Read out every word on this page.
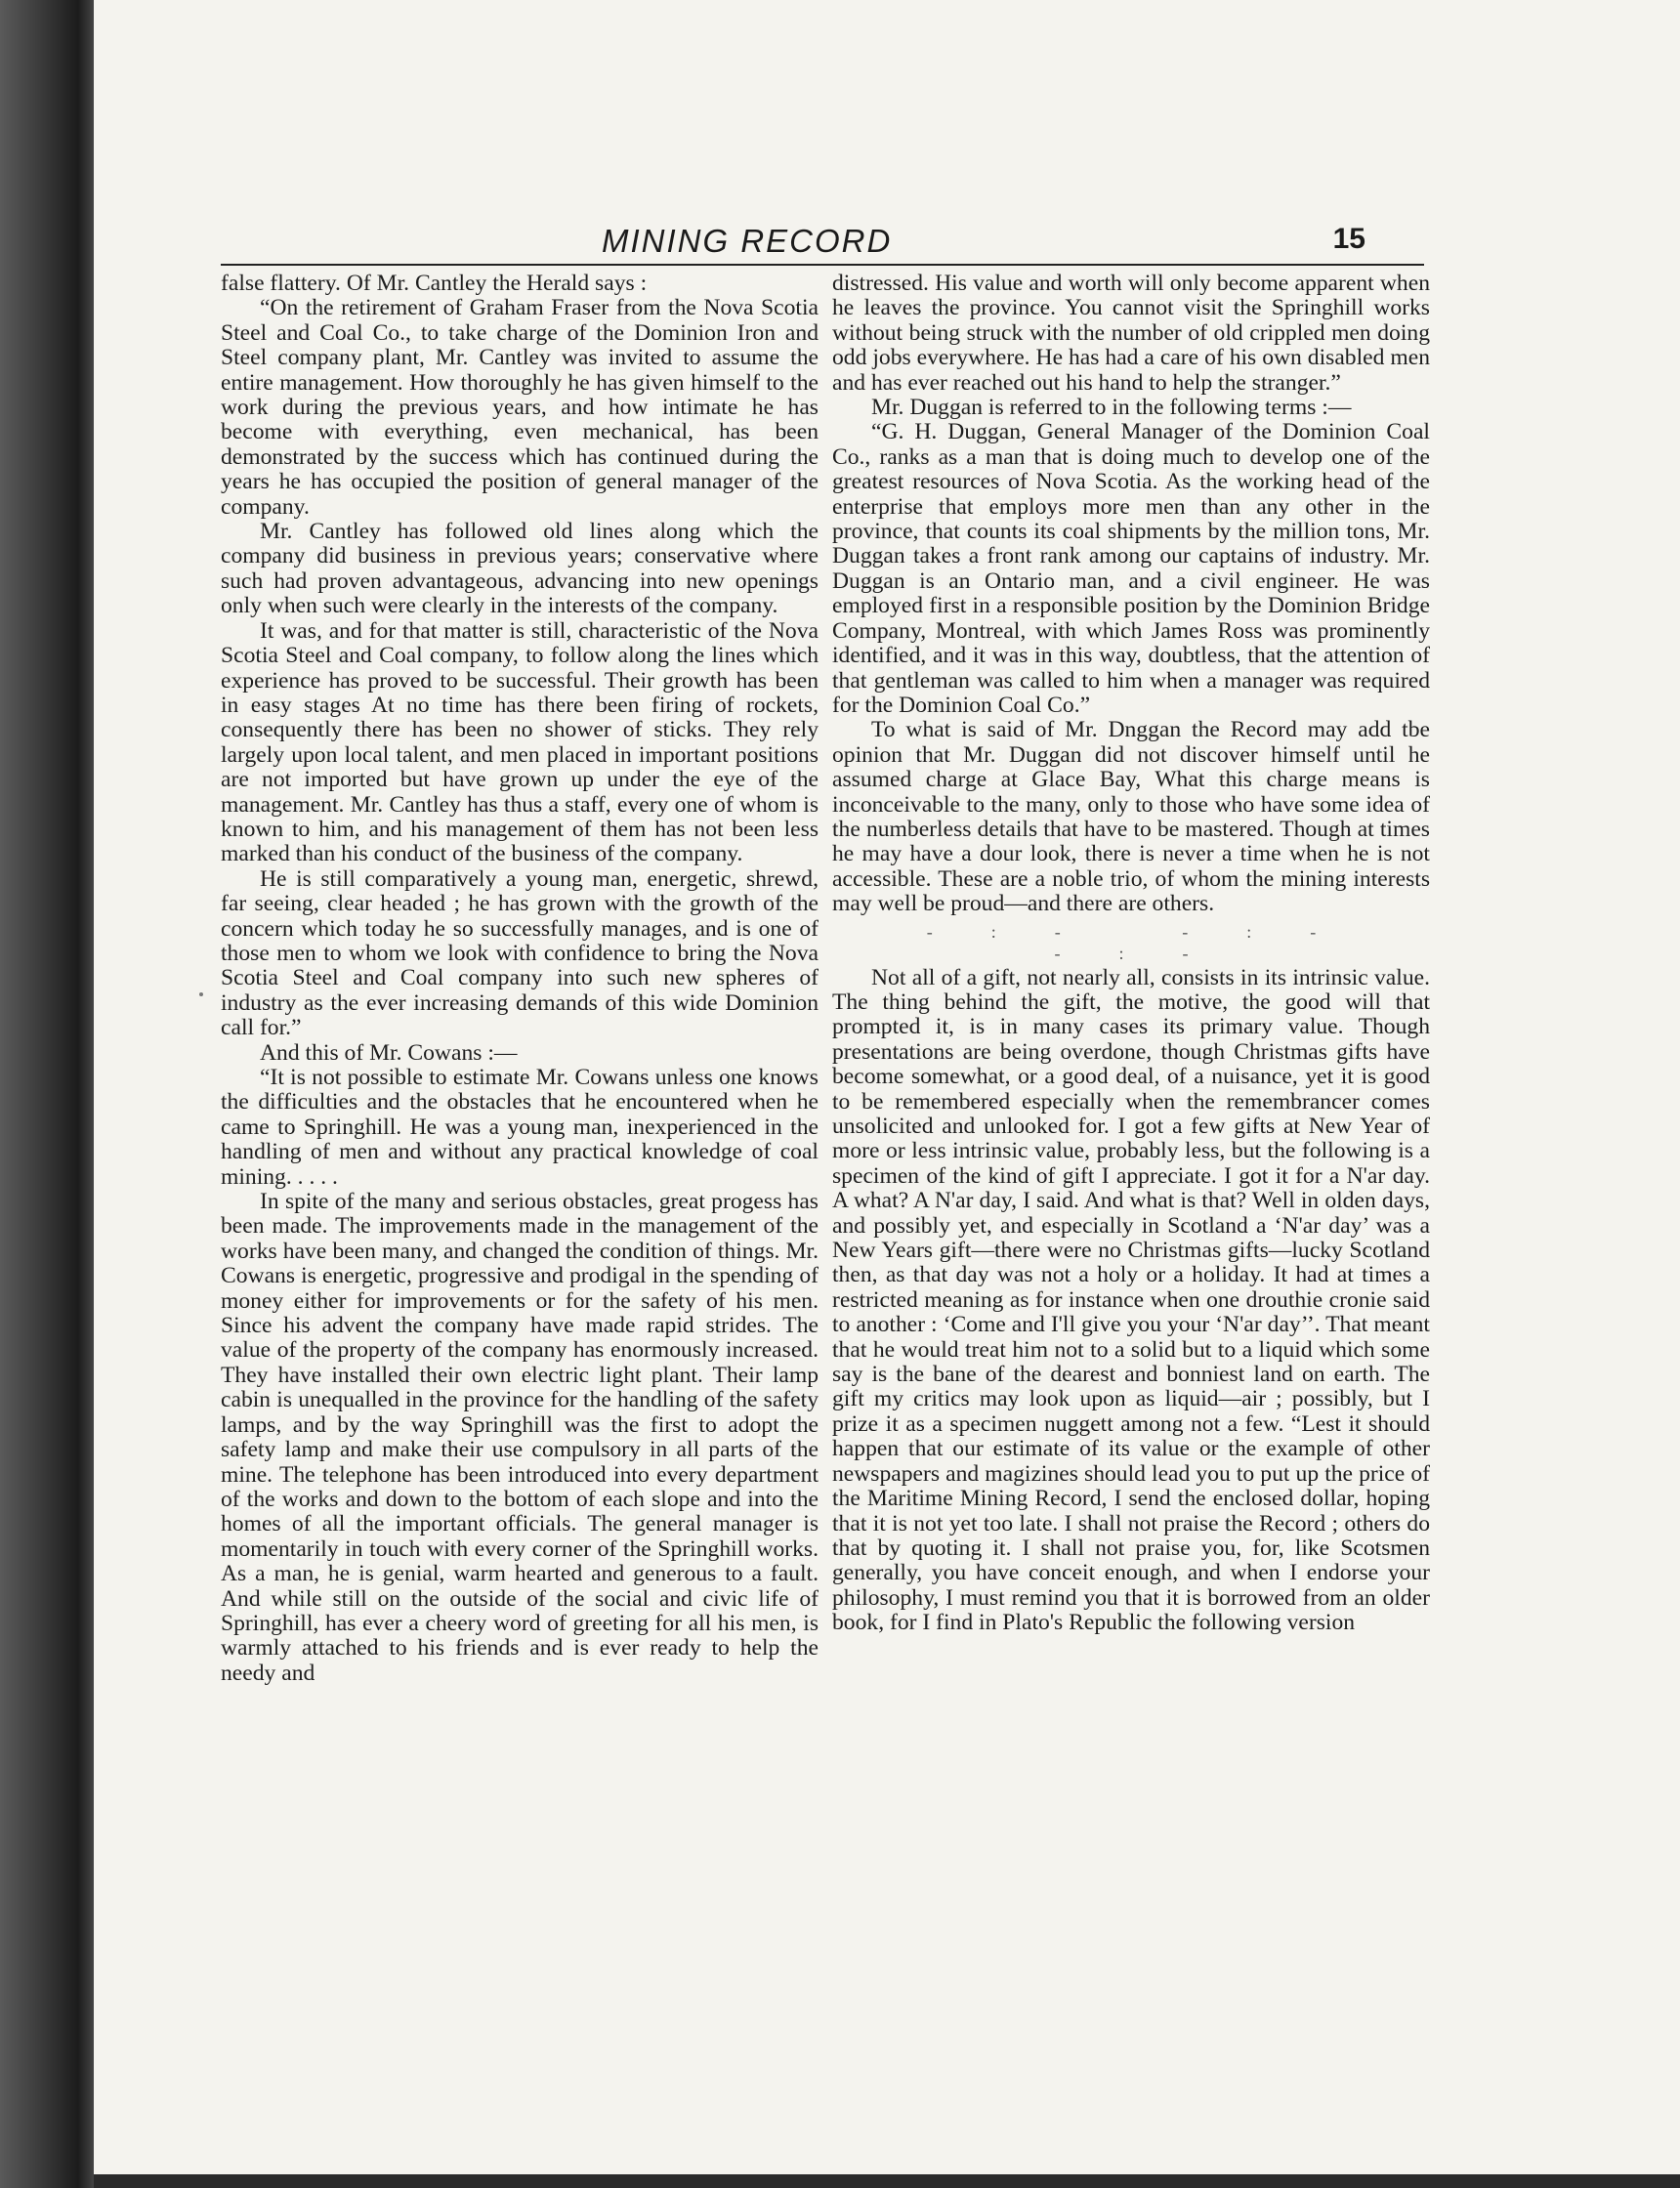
MINING RECORD	15

false flattery. Of Mr. Cantley the Herald says :

“On the retirement of Graham Fraser from the Nova Scotia Steel and Coal Co., to take charge of the Dominion Iron and Steel company plant, Mr. Cantley was invited to assume the entire management. How thoroughly he has given himself to the work during the previous years, and how intimate he has become with everything, even mechanical, has been demonstrated by the success which has continued during the years he has occupied the position of general manager of the company.

Mr. Cantley has followed old lines along which the company did business in previous years; conservative where such had proven advantageous, advancing into new openings only when such were clearly in the interests of the company.

It was, and for that matter is still, characteristic of the Nova Scotia Steel and Coal company, to follow along the lines which experience has proved to be successful. Their growth has been in easy stages At no time has there been firing of rockets, consequently there has been no shower of sticks. They rely largely upon local talent, and men placed in important positions are not imported but have grown up under the eye of the management. Mr. Cantley has thus a staff, every one of whom is known to him, and his management of them has not been less marked than his conduct of the business of the company.

He is still comparatively a young man, energetic, shrewd, far seeing, clear headed ; he has grown with the growth of the concern which today he so successfully manages, and is one of those men to whom we look with confidence to bring the Nova Scotia Steel and Coal company into such new spheres of industry as the ever increasing demands of this wide Dominion call for.”

And this of Mr. Cowans :—

“It is not possible to estimate Mr. Cowans unless one knows the difficulties and the obstacles that he encountered when he came to Springhill. He was a young man, inexperienced in the handling of men and without any practical knowledge of coal mining. . . . .

In spite of the many and serious obstacles, great progess has been made. The improvements made in the management of the works have been many, and changed the condition of things. Mr. Cowans is energetic, progressive and prodigal in the spending of money either for improvements or for the safety of his men. Since his advent the company have made rapid strides. The value of the property of the company has enormously increased. They have installed their own electric light plant. Their lamp cabin is unequalled in the province for the handling of the safety lamps, and by the way Springhill was the first to adopt the safety lamp and make their use compulsory in all parts of the mine. The telephone has been introduced into every department of the works and down to the bottom of each slope and into the homes of all the important officials. The general manager is momentarily in touch with every corner of the Springhill works. As a man, he is genial, warm hearted and generous to a fault. And while still on the outside of the social and civic life of Springhill, has ever a cheery word of greeting for all his men, is warmly attached to his friends and is ever ready to help the needy and

distressed. His value and worth will only become apparent when he leaves the province. You cannot visit the Springhill works without being struck with the number of old crippled men doing odd jobs everywhere. He has had a care of his own disabled men and has ever reached out his hand to help the stranger.”

Mr. Duggan is referred to in the following terms :—

“G. H. Duggan, General Manager of the Dominion Coal Co., ranks as a man that is doing much to develop one of the greatest resources of Nova Scotia. As the working head of the enterprise that employs more men than any other in the province, that counts its coal shipments by the million tons, Mr. Duggan takes a front rank among our captains of industry. Mr. Duggan is an Ontario man, and a civil engineer. He was employed first in a responsible position by the Dominion Bridge Company, Montreal, with which James Ross was prominently identified, and it was in this way, doubtless, that the attention of that gentleman was called to him when a manager was required for the Dominion Coal Co.”

To what is said of Mr. Dnggan the Record may add tbe opinion that Mr. Duggan did not discover himself until he assumed charge at Glace Bay, What this charge means is inconceivable to the many, only to those who have some idea of the numberless details that have to be mastered. Though at times he may have a dour look, there is never a time when he is not accessible. These are a noble trio, of whom the mining interests may well be proud—and there are others.

-:- -:- -:-

Not all of a gift, not nearly all, consists in its intrinsic value. The thing behind the gift, the motive, the good will that prompted it, is in many cases its primary value. Though presentations are being overdone, though Christmas gifts have become somewhat, or a good deal, of a nuisance, yet it is good to be remembered especially when the remembrancer comes unsolicited and unlooked for. I got a few gifts at New Year of more or less intrinsic value, probably less, but the following is a specimen of the kind of gift I appreciate. I got it for a N'ar day. A what? A N'ar day, I said. And what is that? Well in olden days, and possibly yet, and especially in Scotland a ‘N'ar day’ was a New Years gift—there were no Christmas gifts—lucky Scotland then, as that day was not a holy or a holiday. It had at times a restricted meaning as for instance when one drouthie cronie said to another : ‘Come and I'll give you your ‘N'ar day’’. That meant that he would treat him not to a solid but to a liquid which some say is the bane of the dearest and bonniest land on earth. The gift my critics may look upon as liquid—air ; possibly, but I prize it as a specimen nuggett among not a few. “Lest it should happen that our estimate of its value or the example of other newspapers and magizines should lead you to put up the price of the Maritime Mining Record, I send the enclosed dollar, hoping that it is not yet too late. I shall not praise the Record ; others do that by quoting it. I shall not praise you, for, like Scotsmen generally, you have conceit enough, and when I endorse your philosophy, I must remind you that it is borrowed from an older book, for I find in Plato's Republic the following version
